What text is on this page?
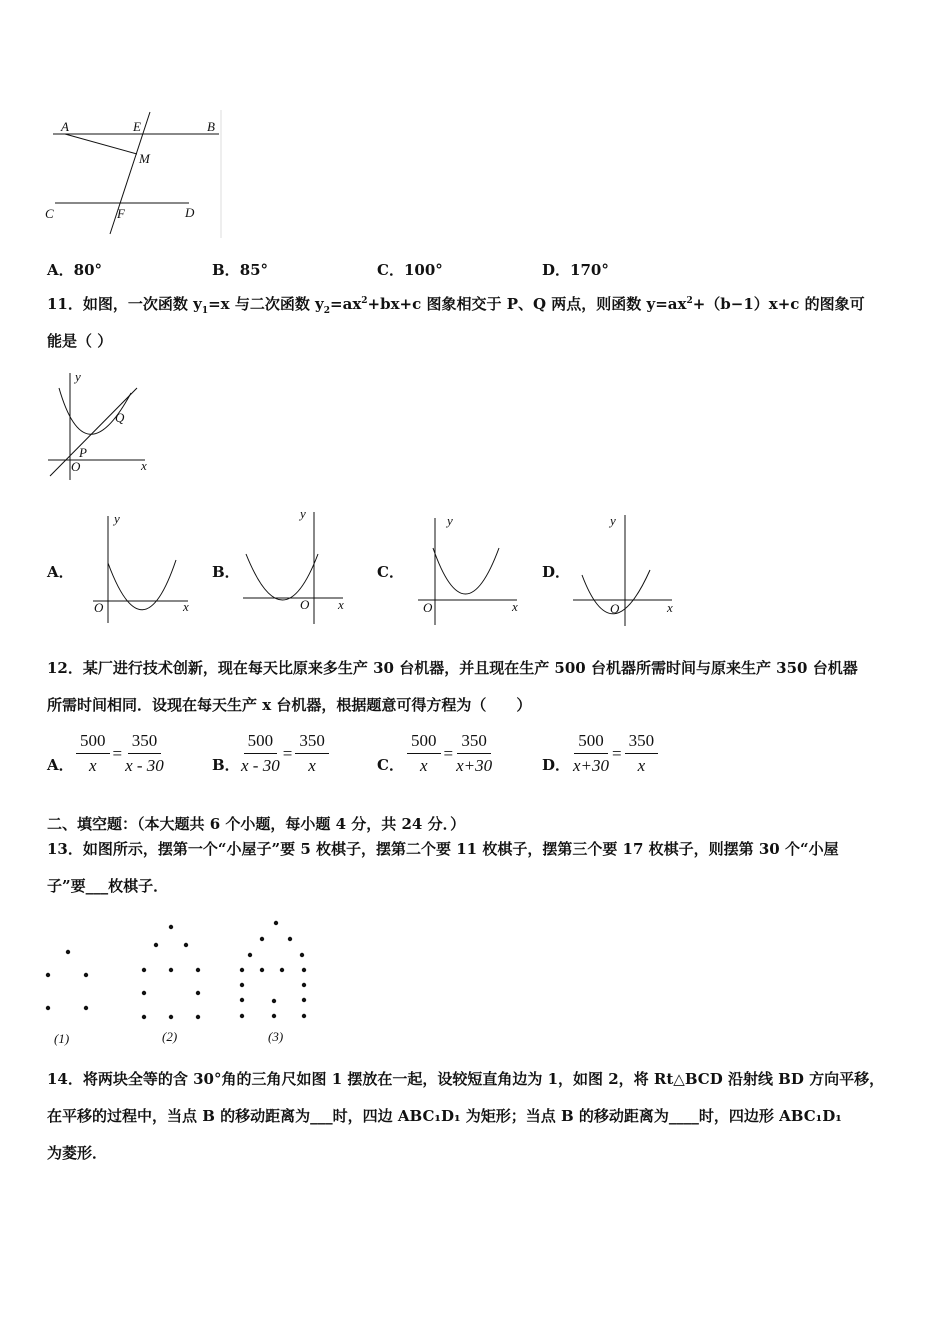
A	E	B
M
C	F	D
A．80°	B．85°	C．100°	D．170°
11．如图，一次函数 $y_1=x$ 与二次函数 $y_2=ax^2+bx+c$ 图象相交于 P、Q 两点，则函数 $y=ax^2+(b-1)x+c$ 的图象可
能是（ ）
y
x
O
P
Q
A．	B．	C．	D．
y
x
O
y
x
O
y
x
O
y
x
O
12．某厂进行技术创新，现在每天比原来多生产 30 台机器，并且现在生产 500 台机器所需时间与原来生产 350 台机器
所需时间相同．设现在每天生产 x 台机器，根据题意可得方程为（　　）
A． $\frac{500}{x} = \frac{350}{x - 30}$	B． $\frac{500}{x - 30} = \frac{350}{x}$	C． $\frac{500}{x} = \frac{350}{x+30}$	D． $\frac{500}{x+30} = \frac{350}{x}$
二、填空题：（本大题共 6 个小题，每小题 4 分，共 24 分．）
13．如图所示，摆第一个“小屋子”要 5 枚棋子，摆第二个要 11 枚棋子，摆第三个要 17 枚棋子，则摆第 30 个“小屋
子”要___枚棋子．
(1)	(2)	(3)
14．将两块全等的含 30°角的三角尺如图 1 摆放在一起，设较短直角边为 1，如图 2，将 Rt△BCD 沿射线 BD 方向平移，
在平移的过程中，当点 B 的移动距离为___时，四边 ABC₁D₁ 为矩形；当点 B 的移动距离为____时，四边形 ABC₁D₁
为菱形．
